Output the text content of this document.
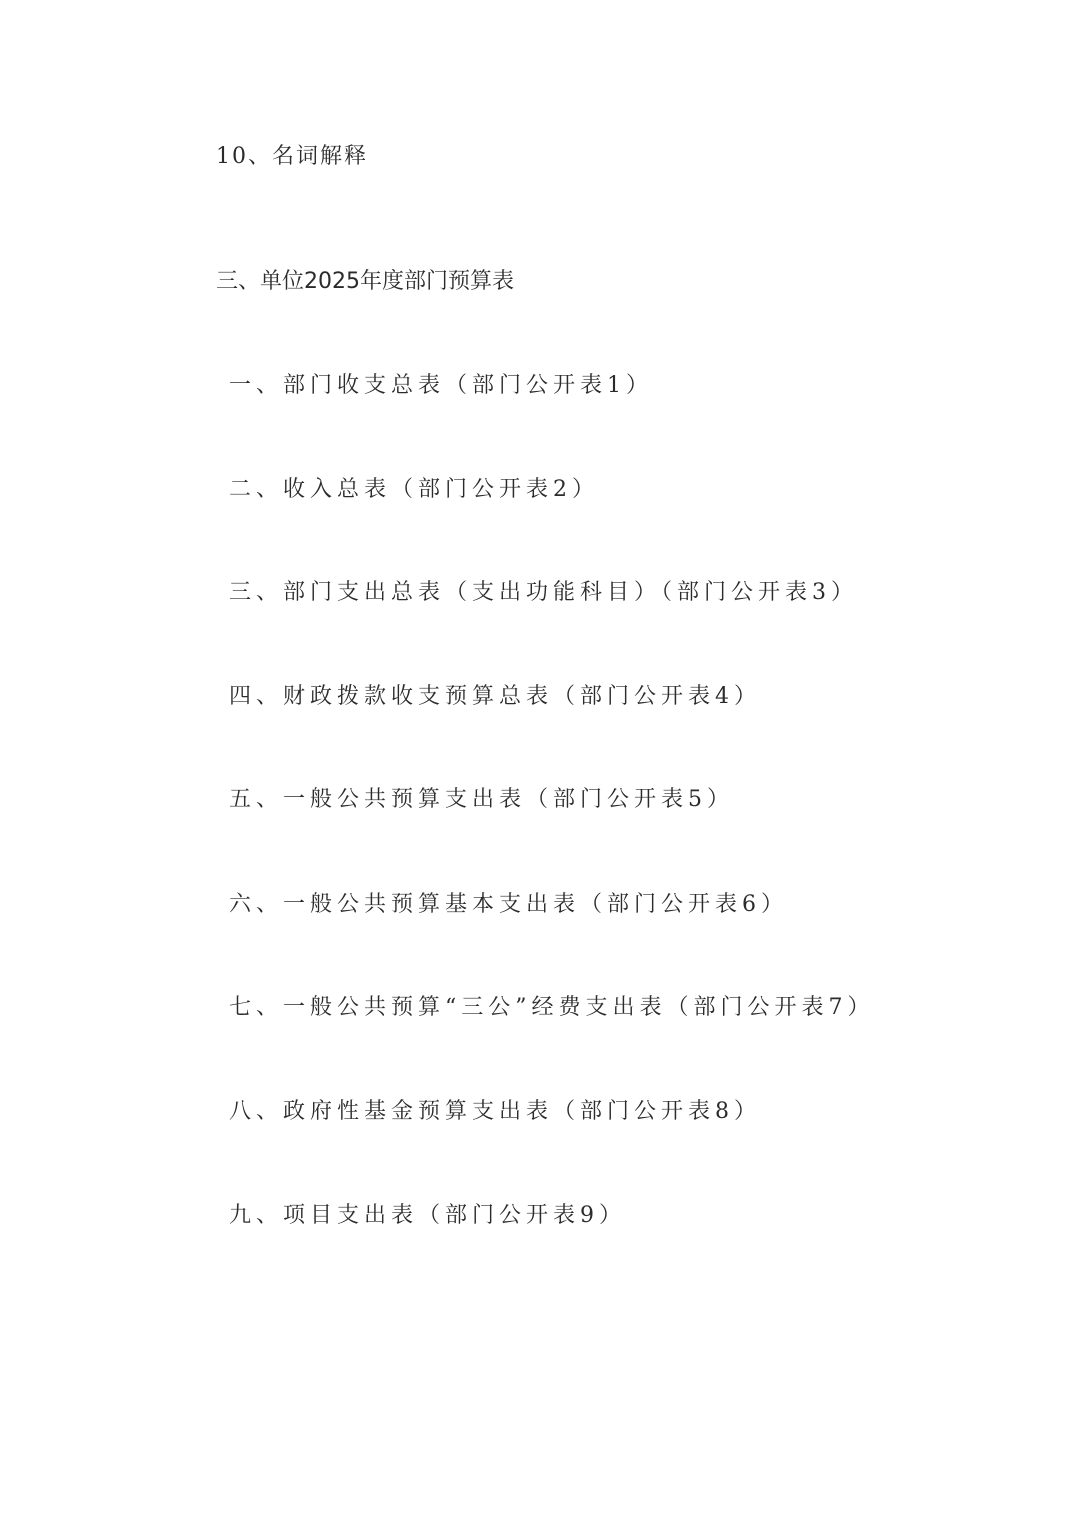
10、名词解释
三、单位2025年度部门预算表
一、部门收支总表（部门公开表1）
二、收入总表（部门公开表2）
三、部门支出总表（支出功能科目）（部门公开表3）
四、财政拨款收支预算总表（部门公开表4）
五、一般公共预算支出表（部门公开表5）
六、一般公共预算基本支出表（部门公开表6）
七、一般公共预算“三公”经费支出表（部门公开表7）
八、政府性基金预算支出表（部门公开表8）
九、项目支出表（部门公开表9）
